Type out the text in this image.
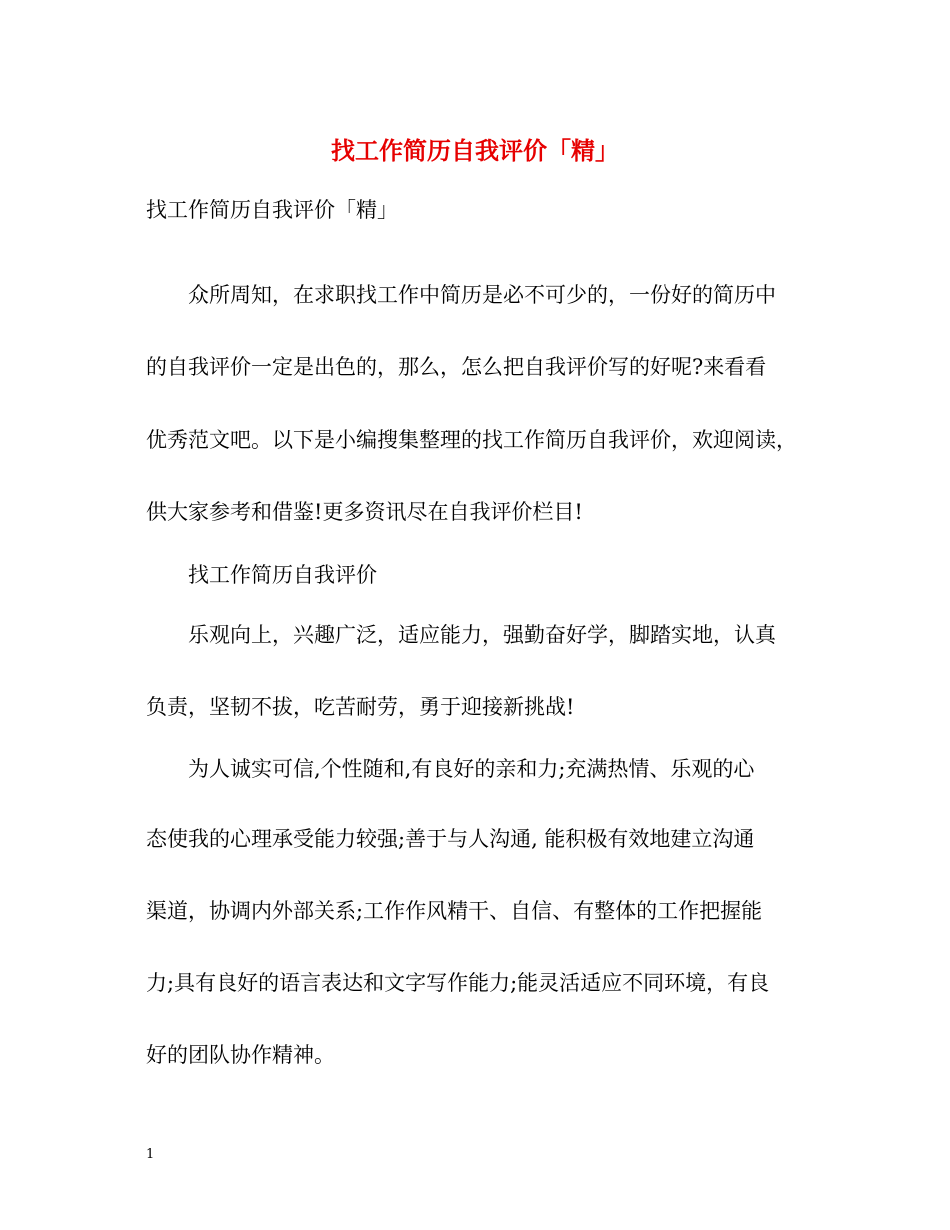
找工作简历自我评价「精」
找工作简历自我评价「精」
众所周知，在求职找工作中简历是必不可少的，一份好的简历中
的自我评价一定是出色的，那么，怎么把自我评价写的好呢?来看看
优秀范文吧。以下是小编搜集整理的找工作简历自我评价，欢迎阅读，
供大家参考和借鉴!更多资讯尽在自我评价栏目!
找工作简历自我评价
乐观向上，兴趣广泛，适应能力，强勤奋好学，脚踏实地，认真
负责，坚韧不拔，吃苦耐劳，勇于迎接新挑战!
为人诚实可信,个性随和,有良好的亲和力;充满热情、乐观的心
态使我的心理承受能力较强;善于与人沟通, 能积极有效地建立沟通
渠道，协调内外部关系;工作作风精干、自信、有整体的工作把握能
力;具有良好的语言表达和文字写作能力;能灵活适应不同环境，有良
好的团队协作精神。
1
